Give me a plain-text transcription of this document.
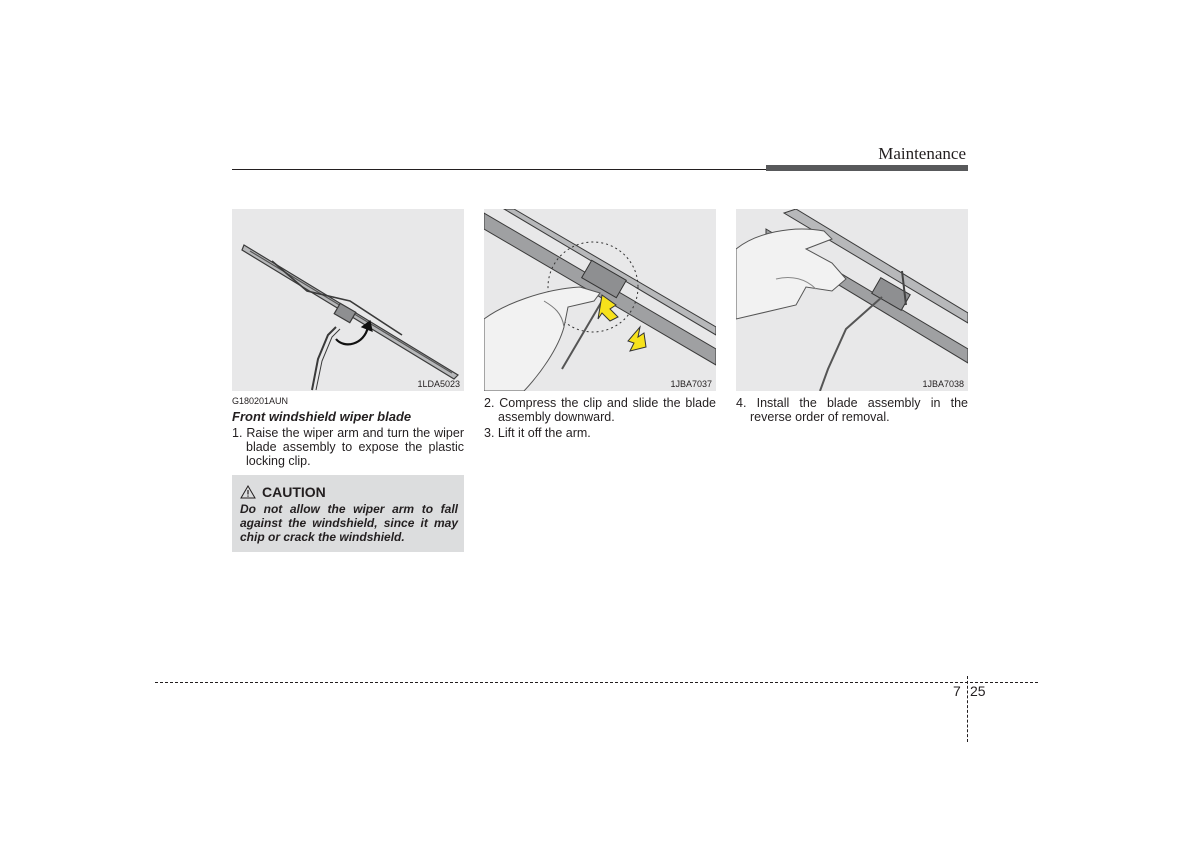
Maintenance
1LDA5023	1JBA7037	1JBA7038
G180201AUN
Front windshield wiper blade
1. Raise the wiper arm and turn the wiper blade assembly to expose the plastic locking clip.
CAUTION
Do not allow the wiper arm to fall against the windshield, since it may chip or crack the windshield.
2. Compress the clip and slide the blade assembly downward.
3. Lift it off the arm.
4. Install the blade assembly in the reverse order of removal.
7 25
